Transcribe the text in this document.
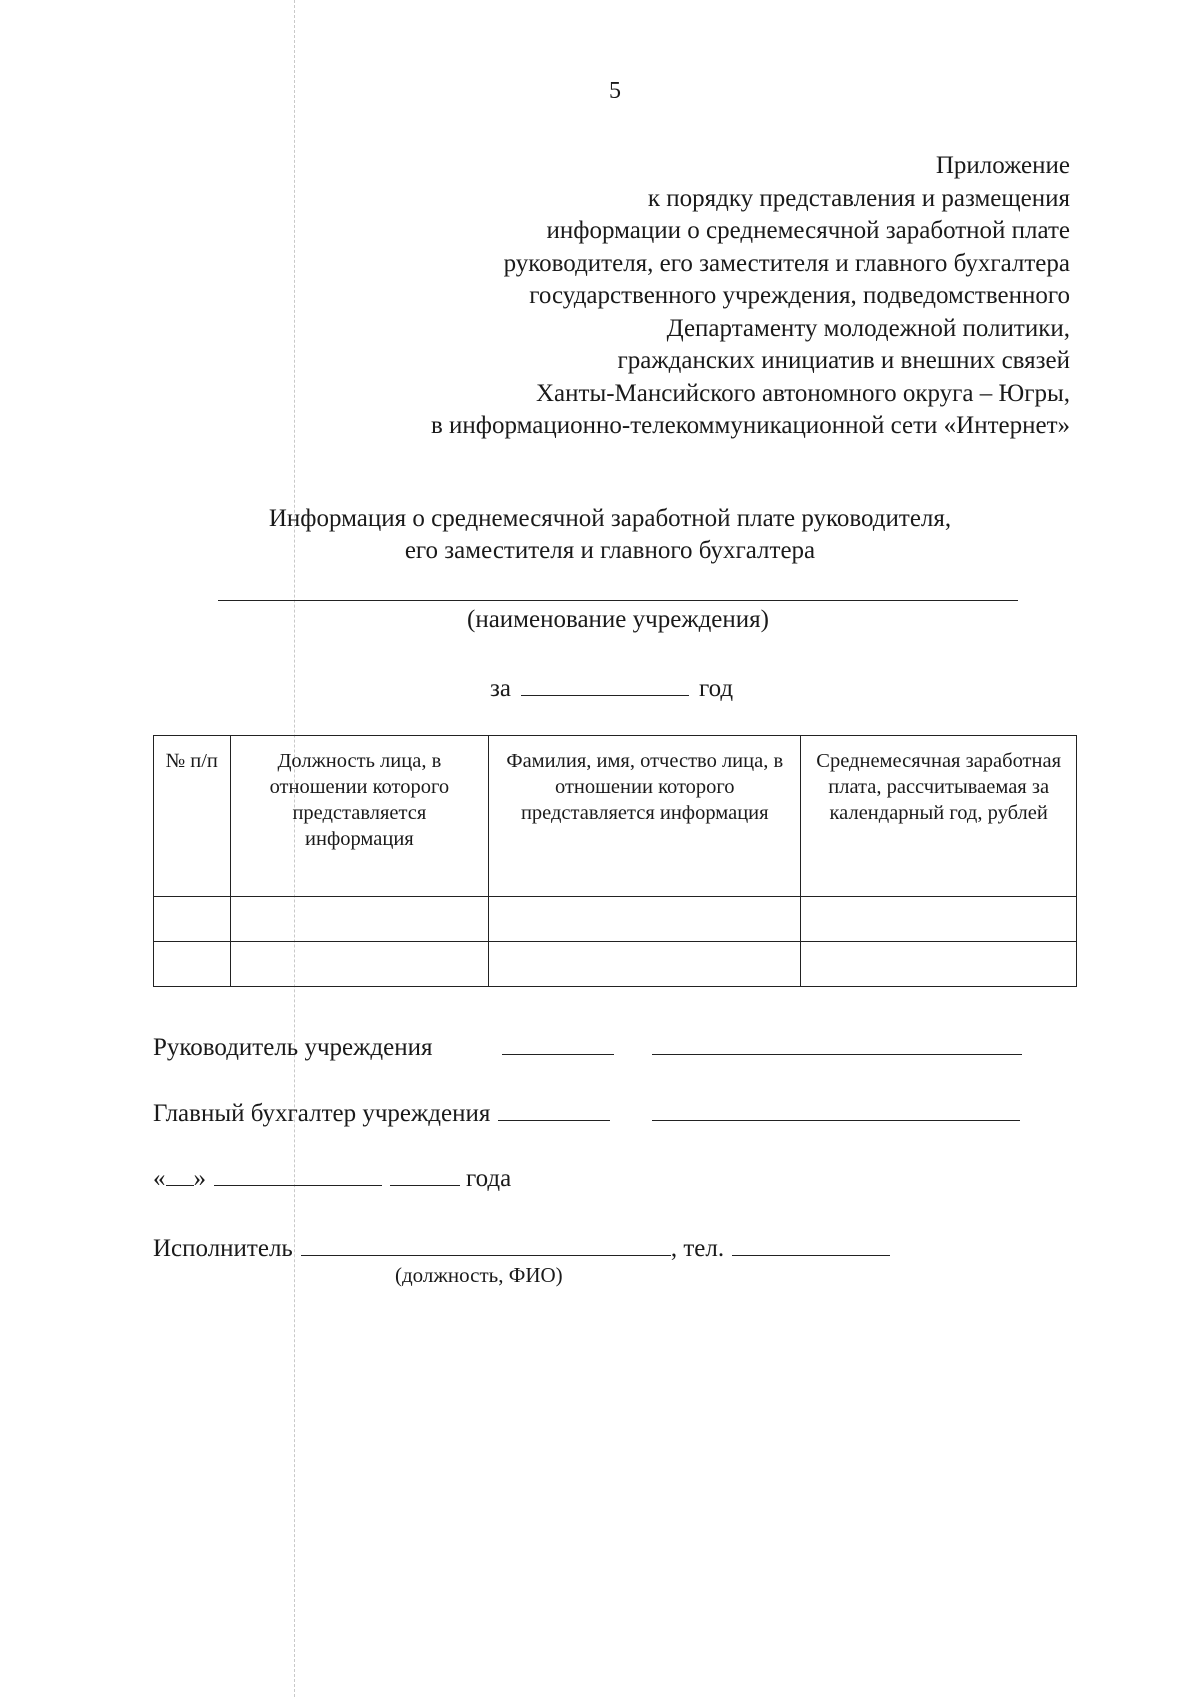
5
Приложение
к порядку представления и размещения
информации о среднемесячной заработной плате
руководителя, его заместителя и главного бухгалтера
государственного учреждения, подведомственного
Департаменту молодежной политики,
гражданских инициатив и внешних связей
Ханты-Мансийского автономного округа – Югры,
в информационно-телекоммуникационной сети «Интернет»
Информация о среднемесячной заработной плате руководителя,
его заместителя и главного бухгалтера
(наименование учреждения)
за	год
№ п/п	Должность лица, в отношении которого представляется информация	Фамилия, имя, отчество лица, в отношении которого представляется информация	Среднемесячная заработная плата, рассчитываемая за календарный год, рублей

Руководитель учреждения
Главный бухгалтер учреждения
« »	года
Исполнитель	, тел.
(должность, ФИО)
